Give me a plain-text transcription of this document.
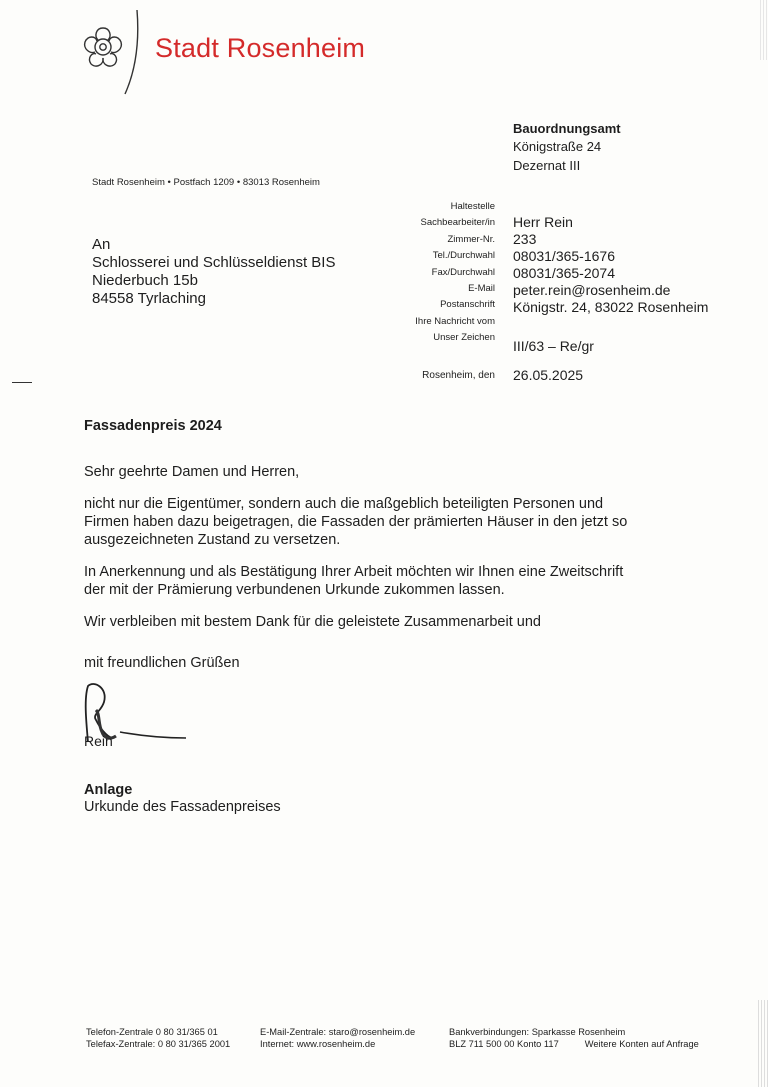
Stadt Rosenheim
Bauordnungsamt
Königstraße 24
Dezernat III
Stadt Rosenheim • Postfach 1209 • 83013 Rosenheim
An
Schlosserei und Schlüsseldienst BIS
Niederbuch 15b
84558 Tyrlaching
Haltestelle
Sachbearbeiter/in
Zimmer-Nr.
Tel./Durchwahl
Fax/Durchwahl
E-Mail
Postanschrift
Ihre Nachricht vom
Unser Zeichen
Herr Rein
233
08031/365-1676
08031/365-2074
peter.rein@rosenheim.de
Königstr. 24, 83022 Rosenheim
III/63 – Re/gr
Rosenheim, den 26.05.2025
Fassadenpreis 2024

Sehr geehrte Damen und Herren,

nicht nur die Eigentümer, sondern auch die maßgeblich beteiligten Personen und
Firmen haben dazu beigetragen, die Fassaden der prämierten Häuser in den jetzt so
ausgezeichneten Zustand zu versetzen.

In Anerkennung und als Bestätigung Ihrer Arbeit möchten wir Ihnen eine Zweitschrift
der mit der Prämierung verbundenen Urkunde zukommen lassen.

Wir verbleiben mit bestem Dank für die geleistete Zusammenarbeit und

mit freundlichen Grüßen
Rein
Anlage
Urkunde des Fassadenpreises
Telefon-Zentrale 0 80 31/365 01
Telefax-Zentrale: 0 80 31/365 2001
E-Mail-Zentrale: staro@rosenheim.de
Internet: www.rosenheim.de
Bankverbindungen: Sparkasse Rosenheim
BLZ 711 500 00 Konto 117	Weitere Konten auf Anfrage
